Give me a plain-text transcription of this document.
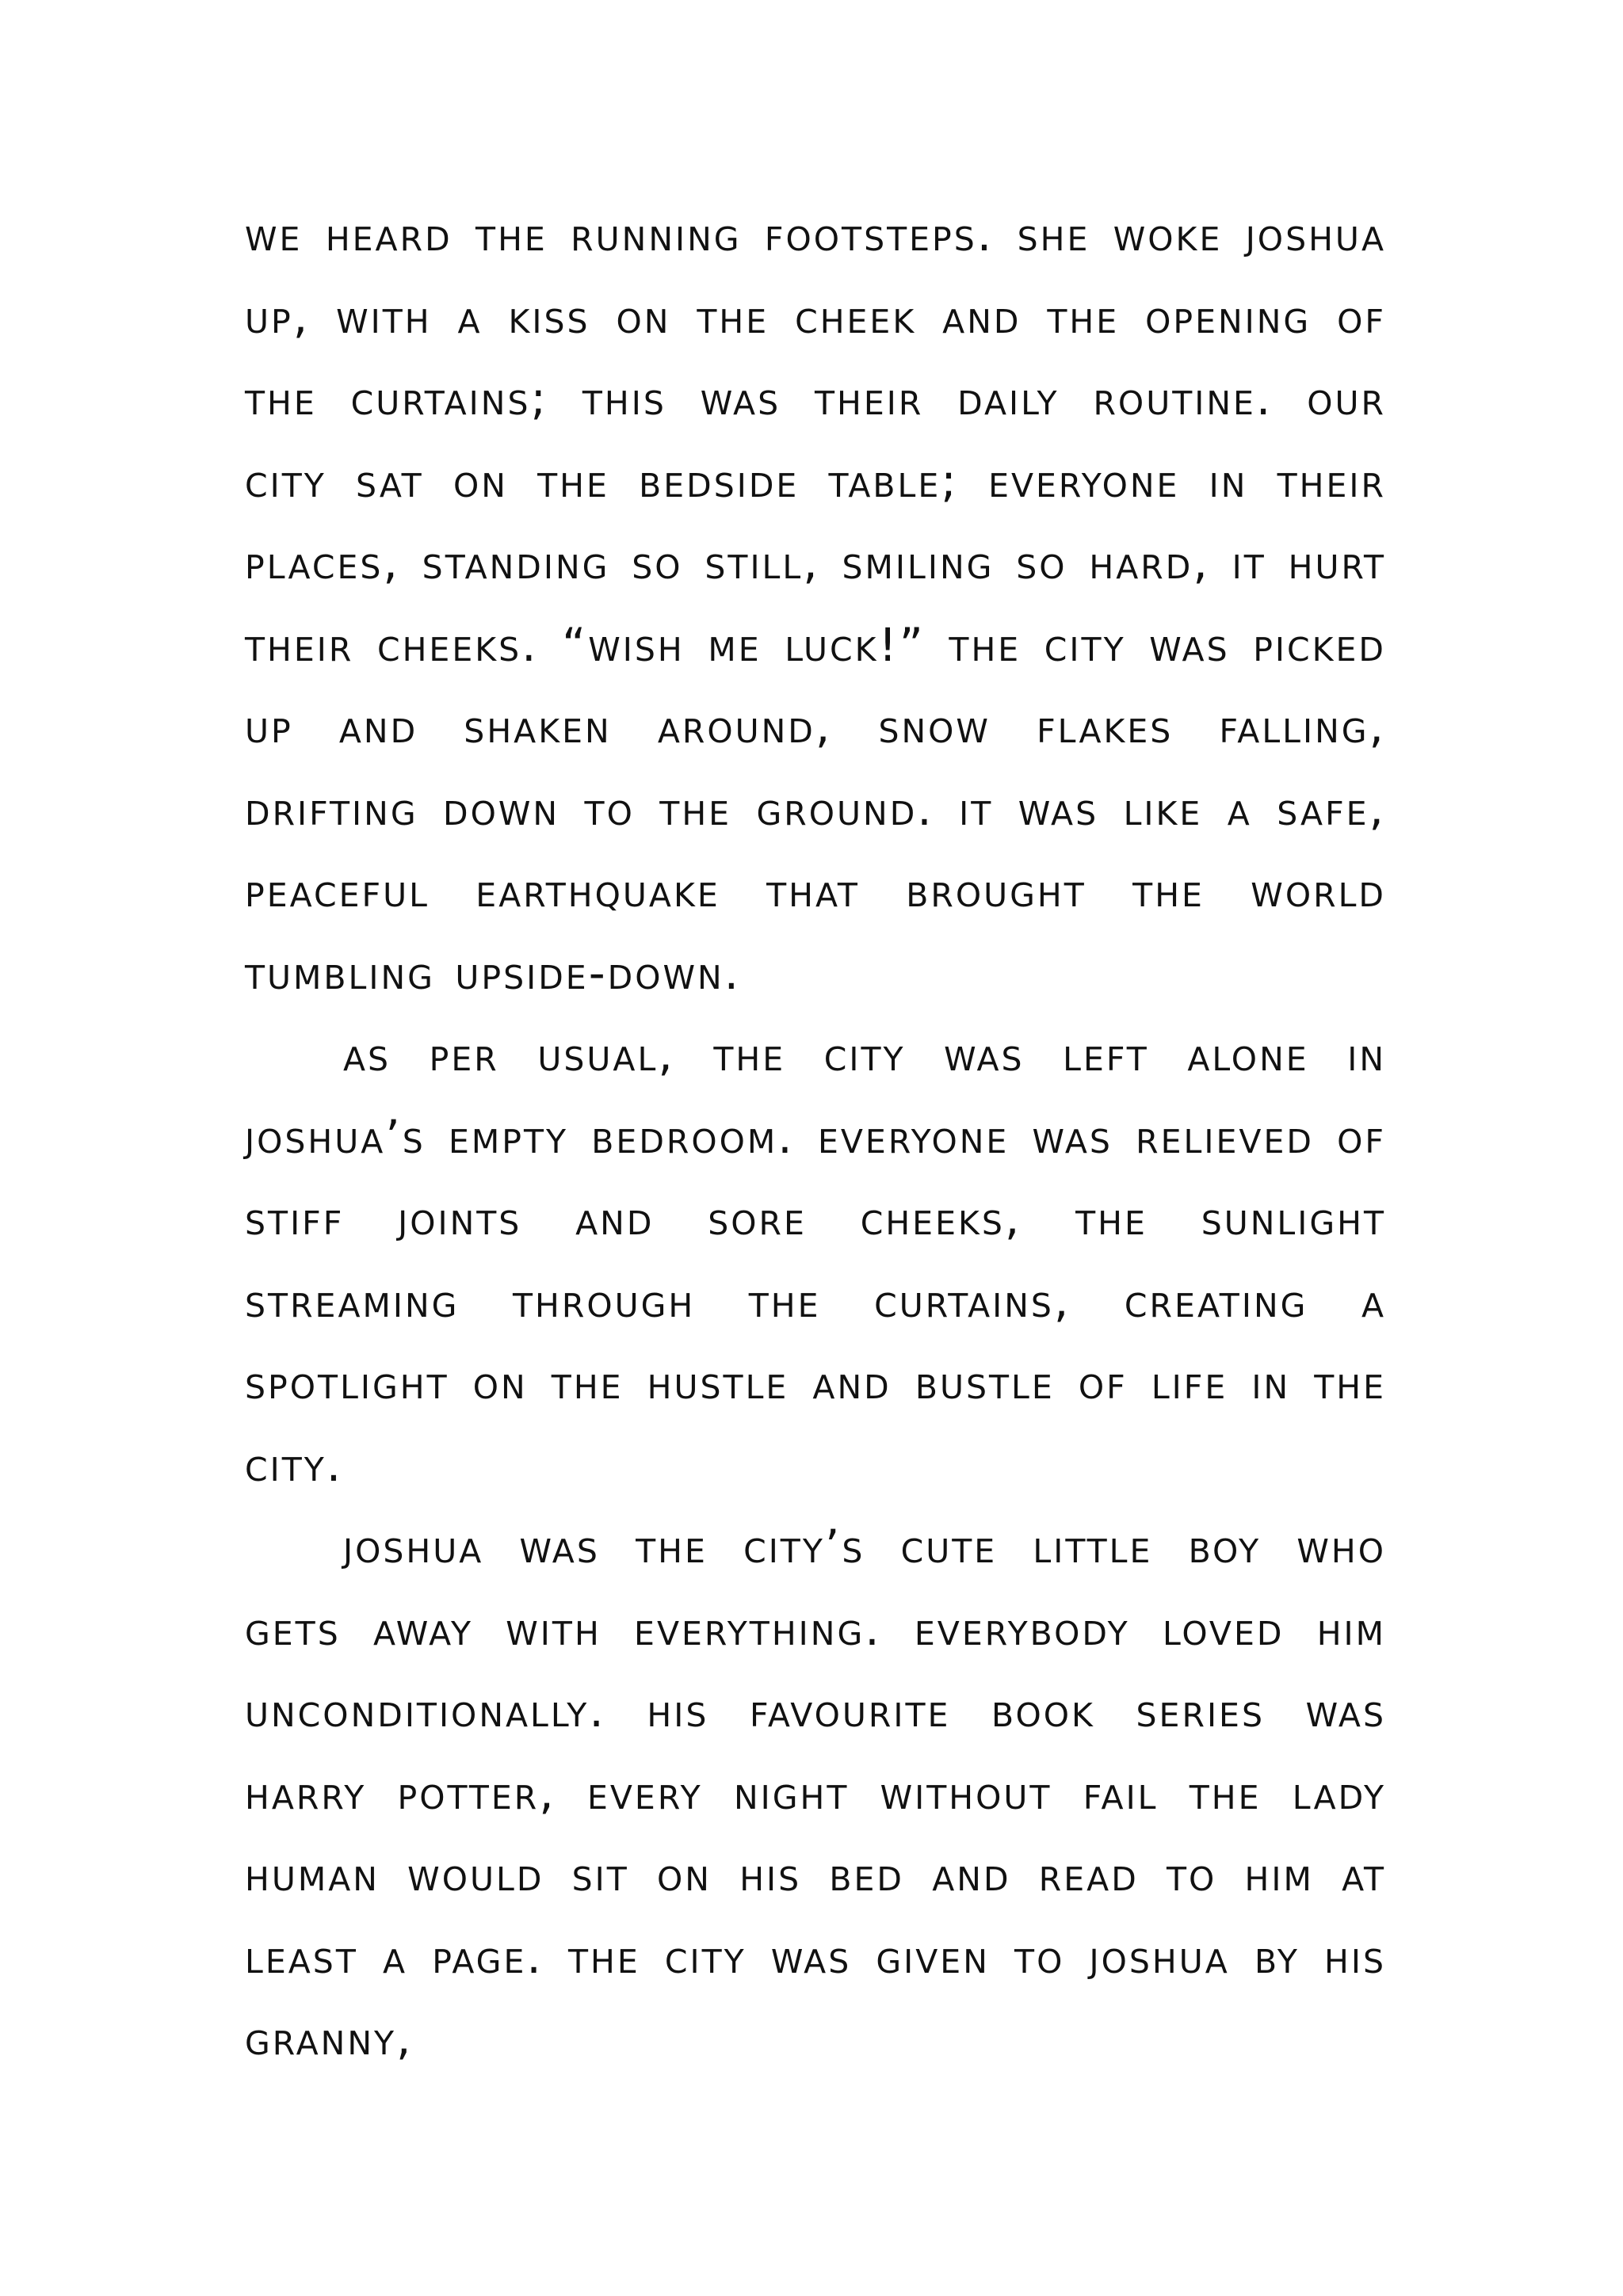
we heard the running footsteps. she woke joshua up, with a kiss on the cheek and the opening of the curtains; this was their daily routine. our city sat on the bedside table; everyone in their places, standing so still, smiling so hard, it hurt their cheeks. “wish me luck!” the city was picked up and shaken around, snow flakes falling, drifting down to the ground. it was like a safe, peaceful earthquake that brought the world tumbling upside-down.

as per usual, the city was left alone in joshua’s empty bedroom. everyone was relieved of stiff joints and sore cheeks, the sunlight streaming through the curtains, creating a spotlight on the hustle and bustle of life in the city.

joshua was the city’s cute little boy who gets away with everything. everybody loved him unconditionally. his favourite book series was harry potter, every night without fail the lady human would sit on his bed and read to him at least a page. the city was given to joshua by his granny,
